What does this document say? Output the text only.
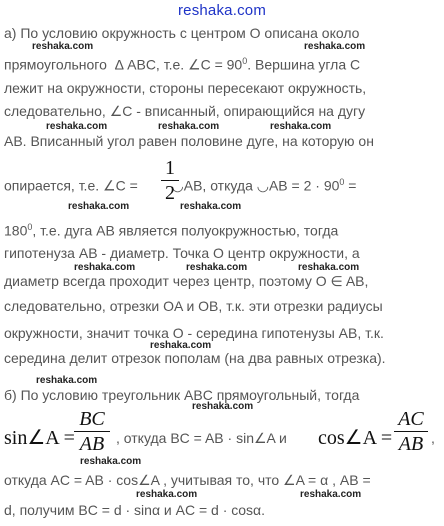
reshaka.com
а) По условию окружность с центром О описана около
reshaka.com	reshaka.com
прямоугольного Δ ABC, т.е. ∠C = $90^0$. Вершина угла С
лежит на окружности, стороны пересекают окружность,
следовательно, ∠C - вписанный, опирающийся на дугу
reshaka.com	reshaka.com	reshaka.com
AB. Вписанный угол равен половине дуге, на которую он
опирается, т.е. ∠C = ◡AB, откуда ◡AB = $2 \cdot 90^0$ =
1
2
reshaka.com	reshaka.com
$180^0$, т.е. дуга АВ является полуокружностью, тогда
гипотенуза AB - диаметр. Точка О центр окружности, а
reshaka.com	reshaka.com	reshaka.com
диаметр всегда проходит через центр, поэтому O ∈ AB,
следовательно, отрезки OA и OB, т.к. эти отрезки радиусы
окружности, значит точка О - середина гипотенузы AB, т.к.
reshaka.com
середина делит отрезок пополам (на два равных отрезка).
reshaka.com
б) По условию треугольник ABC прямоугольный, тогда
reshaka.com
sin∠A =
BC
AB , откуда BC = AB · sin∠A и cos∠A =
AC
AB ,
reshaka.com
откуда AC = AB · cos∠A , учитывая то, что ∠A = α , AB =
reshaka.com	reshaka.com
d, получим BC = d · sinα и AC = d · cosα.
